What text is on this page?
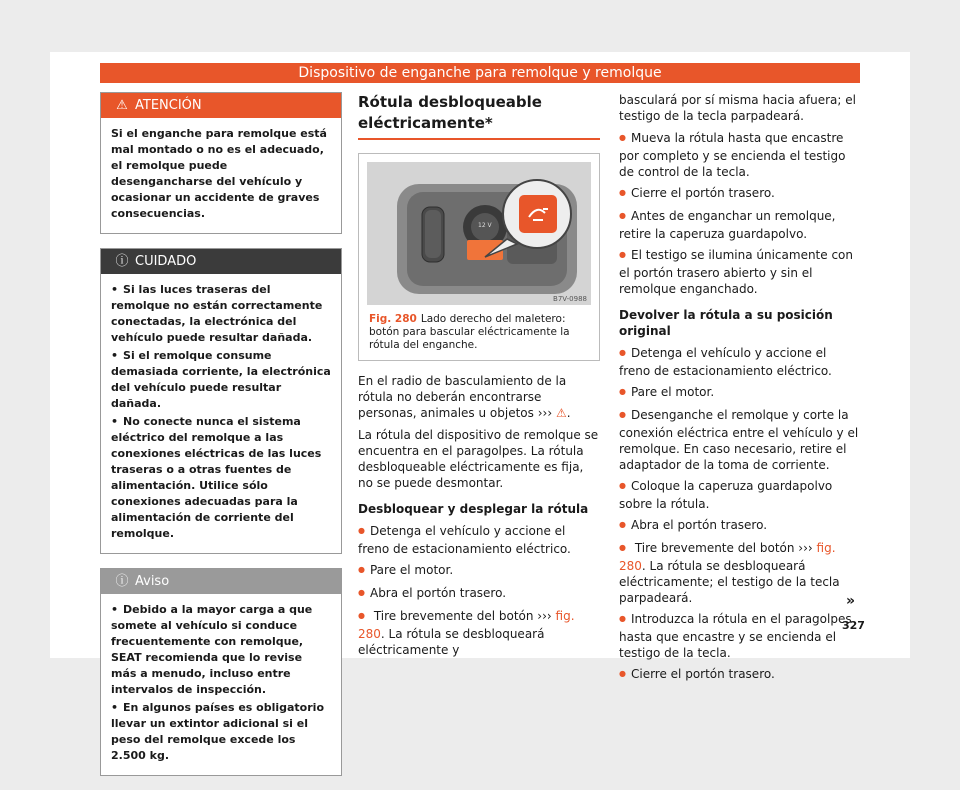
Dispositivo de enganche para remolque y remolque
⚠ ATENCIÓN

Si el enganche para remolque está mal montado o no es el adecuado, el remolque puede desengancharse del vehículo y ocasionar un accidente de graves consecuencias.

ⓘ CUIDADO

• Si las luces traseras del remolque no están correctamente conectadas, la electrónica del vehículo puede resultar dañada.

• Si el remolque consume demasiada corriente, la electrónica del vehículo puede resultar dañada.

• No conecte nunca el sistema eléctrico del remolque a las conexiones eléctricas de las luces traseras o a otras fuentes de alimentación. Utilice sólo conexiones adecuadas para la alimentación de corriente del remolque.

ⓘ Aviso

• Debido a la mayor carga a que somete al vehículo si conduce frecuentemente con remolque, SEAT recomienda que lo revise más a menudo, incluso entre intervalos de inspección.

• En algunos países es obligatorio llevar un extintor adicional si el peso del remolque excede los 2.500 kg.

Rótula desbloqueable eléctricamente*
12 V
B7V-0988
Fig. 280 Lado derecho del maletero: botón para bascular eléctricamente la rótula del enganche.

En el radio de basculamiento de la rótula no deberán encontrarse personas, animales u objetos ››› ⚠.

La rótula del dispositivo de remolque se encuentra en el paragolpes. La rótula desbloqueable eléctricamente es fija, no se puede desmontar.

Desbloquear y desplegar la rótula
● Detenga el vehículo y accione el freno de estacionamiento eléctrico.
● Pare el motor.
● Abra el portón trasero.
● Tire brevemente del botón ››› fig. 280. La rótula se desbloqueará eléctricamente y

basculará por sí misma hacia afuera; el testigo de la tecla parpadeará.

● Mueva la rótula hasta que encastre por completo y se encienda el testigo de control de la tecla.
● Cierre el portón trasero.
● Antes de enganchar un remolque, retire la caperuza guardapolvo.
● El testigo se ilumina únicamente con el portón trasero abierto y sin el remolque enganchado.
Devolver la rótula a su posición original
● Detenga el vehículo y accione el freno de estacionamiento eléctrico.
● Pare el motor.
● Desenganche el remolque y corte la conexión eléctrica entre el vehículo y el remolque. En caso necesario, retire el adaptador de la toma de corriente.
● Coloque la caperuza guardapolvo sobre la rótula.
● Abra el portón trasero.
● Tire brevemente del botón ››› fig. 280. La rótula se desbloqueará eléctricamente; el testigo de la tecla parpadeará.
● Introduzca la rótula en el paragolpes hasta que encastre y se encienda el testigo de la tecla.
● Cierre el portón trasero.
»
327
